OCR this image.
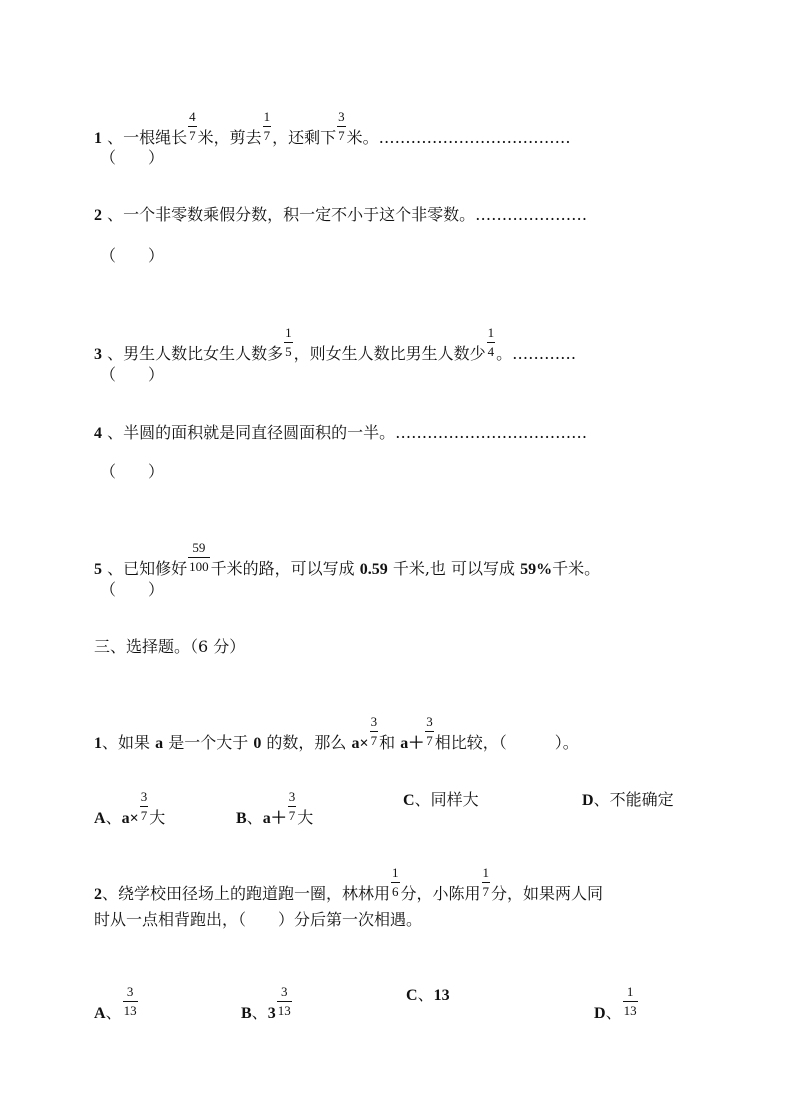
1 、一根绳长 $\frac{4}{7}$ 米，剪去 $\frac{1}{7}$ ，还剩下 $\frac{3}{7}$ 米。………………………………
（　　）
2 、一个非零数乘假分数，积一定不小于这个非零数。…………………
（　　）
3 、男生人数比女生人数多 $\frac{1}{5}$ ，则女生人数比男生人数少 $\frac{1}{4}$ 。…………
（　　）
4 、半圆的面积就是同直径圆面积的一半。………………………………
（　　）
5 、已知修好 $\frac{59}{100}$ 千米的路，可以写成 0.59 千米,也 可以写成 59%千米。
（　　）
三、选择题。（6 分）
1、如果 a 是一个大于 0 的数，那么 $a\times \frac{3}{7}$ 和 $a+ \frac{3}{7}$ 相比较，（　　　）。
A、$a\times \frac{3}{7}$ 大	B、$a+ \frac{3}{7}$ 大
C、同样大	D、不能确定
2、绕学校田径场上的跑道跑一圈，林林用 $\frac{1}{6}$ 分，小陈用 $\frac{1}{7}$ 分，如果两人同
时从一点相背跑出，（　　）分后第一次相遇。
A、 $\frac{3}{13}$	B、$3 \frac{3}{13}$	C、13
D、 $\frac{1}{13}$
